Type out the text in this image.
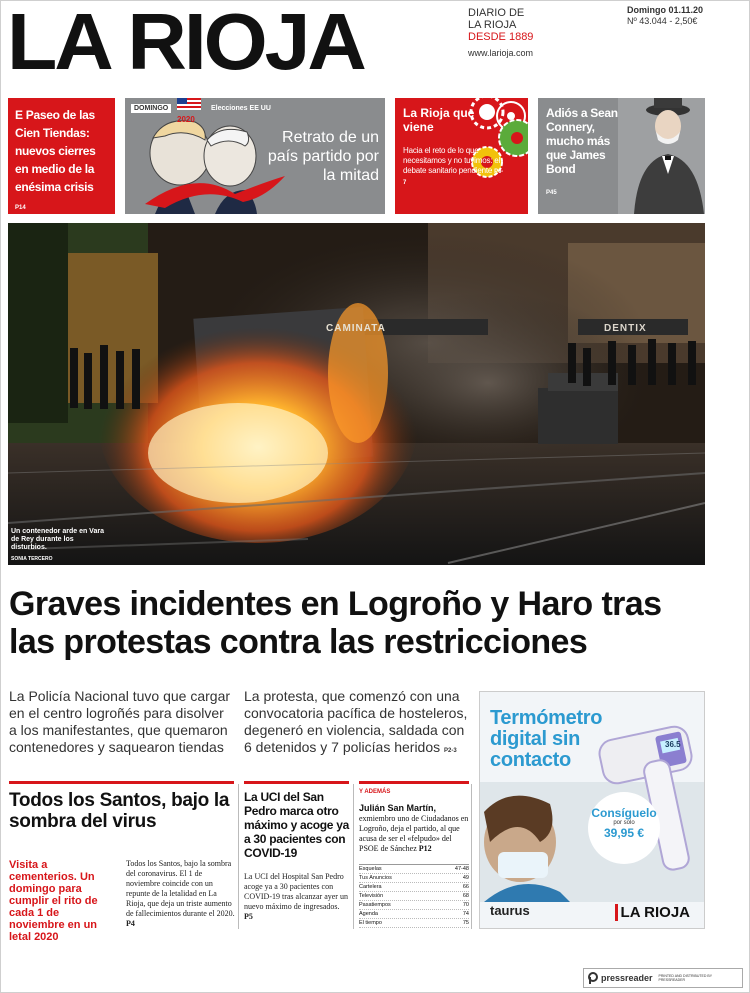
LA RIOJA	DIARIO DE
LA RIOJA
DESDE 1889
www.larioja.com
Domingo 01.11.20
Nº 43.044 - 2,50€
E Paseo de las Cien Tiendas: nuevos cierres en medio de la enésima crisis P14
DOMINGO
2020
Elecciones EE UU
Retrato de un país partido por la mitad
La Rioja que viene
Hacia el reto de lo que necesitamos y no tuvimos: el debate sanitario pendiente P6-7
Adiós a Sean Connery, mucho más que James Bond
P45
CAMINATA	DENTIX
Un contenedor arde en Vara de Rey durante los disturbios.
SONIA TERCERO
Graves incidentes en Logroño y Haro tras las protestas contra las restricciones
La Policía Nacional tuvo que cargar en el centro logroñés para disolver a los manifestantes, que quemaron contenedores y saquearon tiendas
La protesta, que comenzó con una convocatoria pacífica de hosteleros, degeneró en violencia, saldada con 6 detenidos y 7 policías heridos P2-3
Todos los Santos, bajo la sombra del virus
Visita a cementerios. Un domingo para cumplir el rito de cada 1 de noviembre en un letal 2020
Todos los Santos, bajo la sombra del coronavirus. El 1 de noviembre coincide con un repunte de la letalidad en La Rioja, que deja un triste aumento de fallecimientos durante el 2020. P4
La UCI del San Pedro marca otro máximo y acoge ya a 30 pacientes con COVID-19
La UCI del Hospital San Pedro acoge ya a 30 pacientes con COVID-19 tras alcanzar ayer un nuevo máximo de ingresados. P5
Y ADEMÁS
Julián San Martín, exmiembro uno de Ciudadanos en Logroño, deja el partido, al que acusa de ser el «felpudo» del PSOE de Sánchez P12
Esquelas	47-48
Tus Anuncios	49
Cartelera	66
Televisión	68
Pasatiempos	70
Agenda	74
El tiempo	75
Termómetro digital sin contacto
36.5
Consíguelo
por solo
39,95 €
taurus	LA RIOJA
pressreader PRINTED AND DISTRIBUTED BY PRESSREADER
